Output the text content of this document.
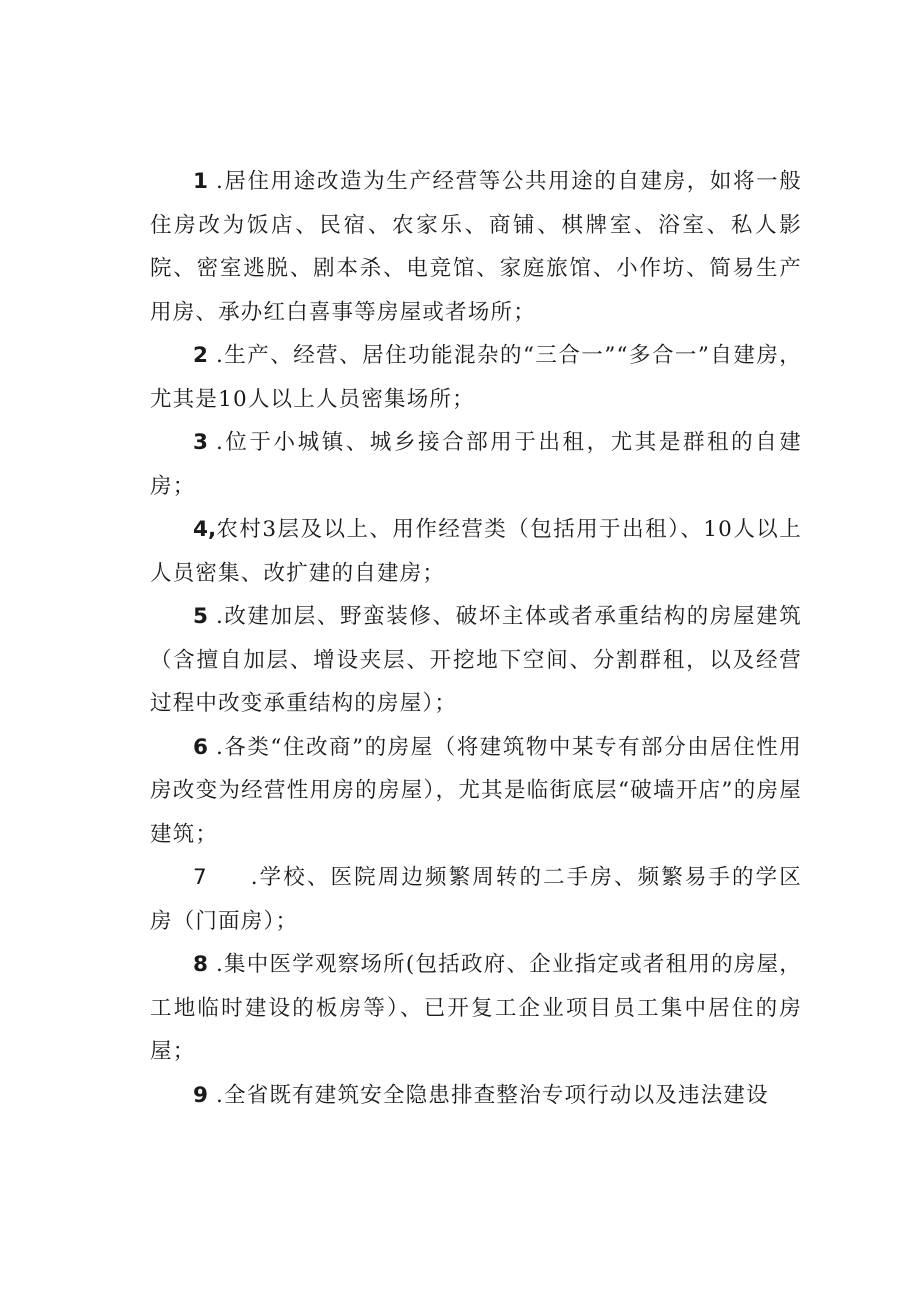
1 .居住用途改造为生产经营等公共用途的自建房，如将一般住房改为饭店、民宿、农家乐、商铺、棋牌室、浴室、私人影院、密室逃脱、剧本杀、电竞馆、家庭旅馆、小作坊、简易生产用房、承办红白喜事等房屋或者场所；

2 .生产、经营、居住功能混杂的“三合一”“多合一”自建房，尤其是10人以上人员密集场所；

3 .位于小城镇、城乡接合部用于出租，尤其是群租的自建房；

4,农村3层及以上、用作经营类（包括用于出租）、10人以上人员密集、改扩建的自建房；

5 .改建加层、野蛮装修、破坏主体或者承重结构的房屋建筑（含擅自加层、增设夹层、开挖地下空间、分割群租，以及经营过程中改变承重结构的房屋）；

6 .各类“住改商”的房屋（将建筑物中某专有部分由居住性用房改变为经营性用房的房屋），尤其是临街底层“破墙开店”的房屋建筑；

7 .学校、医院周边频繁周转的二手房、频繁易手的学区房（门面房）；

8 .集中医学观察场所(包括政府、企业指定或者租用的房屋，工地临时建设的板房等）、已开复工企业项目员工集中居住的房屋；

9 .全省既有建筑安全隐患排查整治专项行动以及违法建设
